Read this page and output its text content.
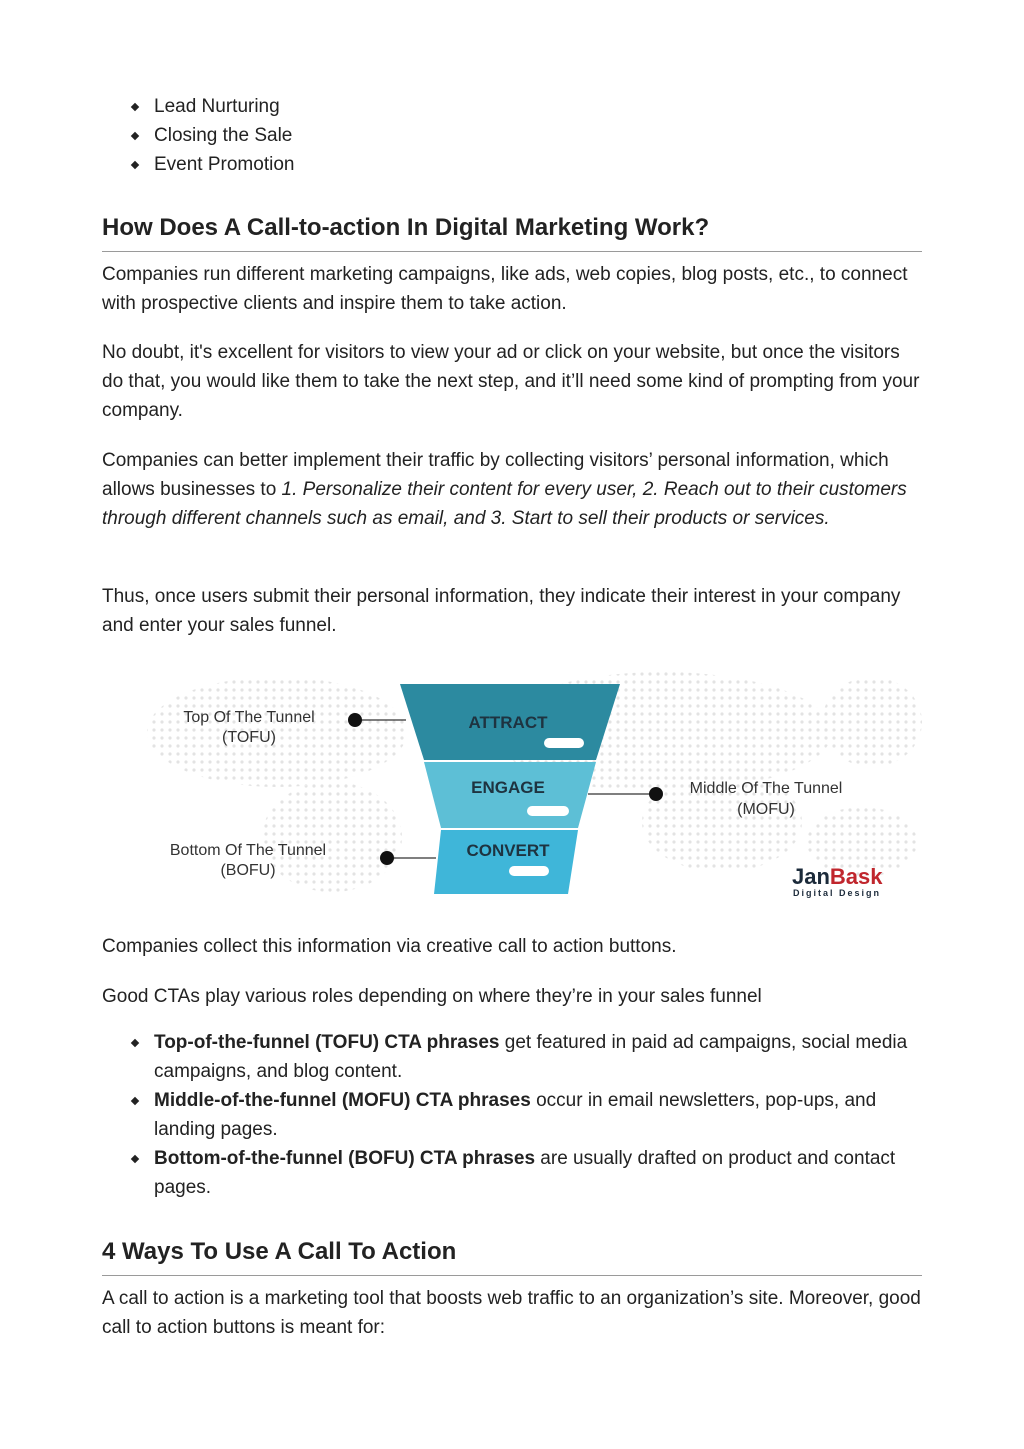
Lead Nurturing
Closing the Sale
Event Promotion
How Does A Call-to-action In Digital Marketing Work?

Companies run different marketing campaigns, like ads, web copies, blog posts, etc., to connect with prospective clients and inspire them to take action.

No doubt, it's excellent for visitors to view your ad or click on your website, but once the visitors do that, you would like them to take the next step, and it’ll need some kind of prompting from your company.

Companies can better implement their traffic by collecting visitors’ personal information, which allows businesses to 1. Personalize their content for every user, 2. Reach out to their customers through different channels such as email, and 3. Start to sell their products or services.

Thus, once users submit their personal information, they indicate their interest in your company and enter your sales funnel.

ATTRACT
ENGAGE
CONVERT
Top Of The Tunnel
(TOFU)
Middle Of The Tunnel
(MOFU)
Bottom Of The Tunnel
(BOFU)	JanBask
Digital Design

Companies collect this information via creative call to action buttons.

Good CTAs play various roles depending on where they’re in your sales funnel

Top-of-the-funnel (TOFU) CTA phrases get featured in paid ad campaigns, social media campaigns, and blog content.
Middle-of-the-funnel (MOFU) CTA phrases occur in email newsletters, pop-ups, and landing pages.
Bottom-of-the-funnel (BOFU) CTA phrases are usually drafted on product and contact pages.
4 Ways To Use A Call To Action

A call to action is a marketing tool that boosts web traffic to an organization’s site. Moreover, good call to action buttons is meant for:
